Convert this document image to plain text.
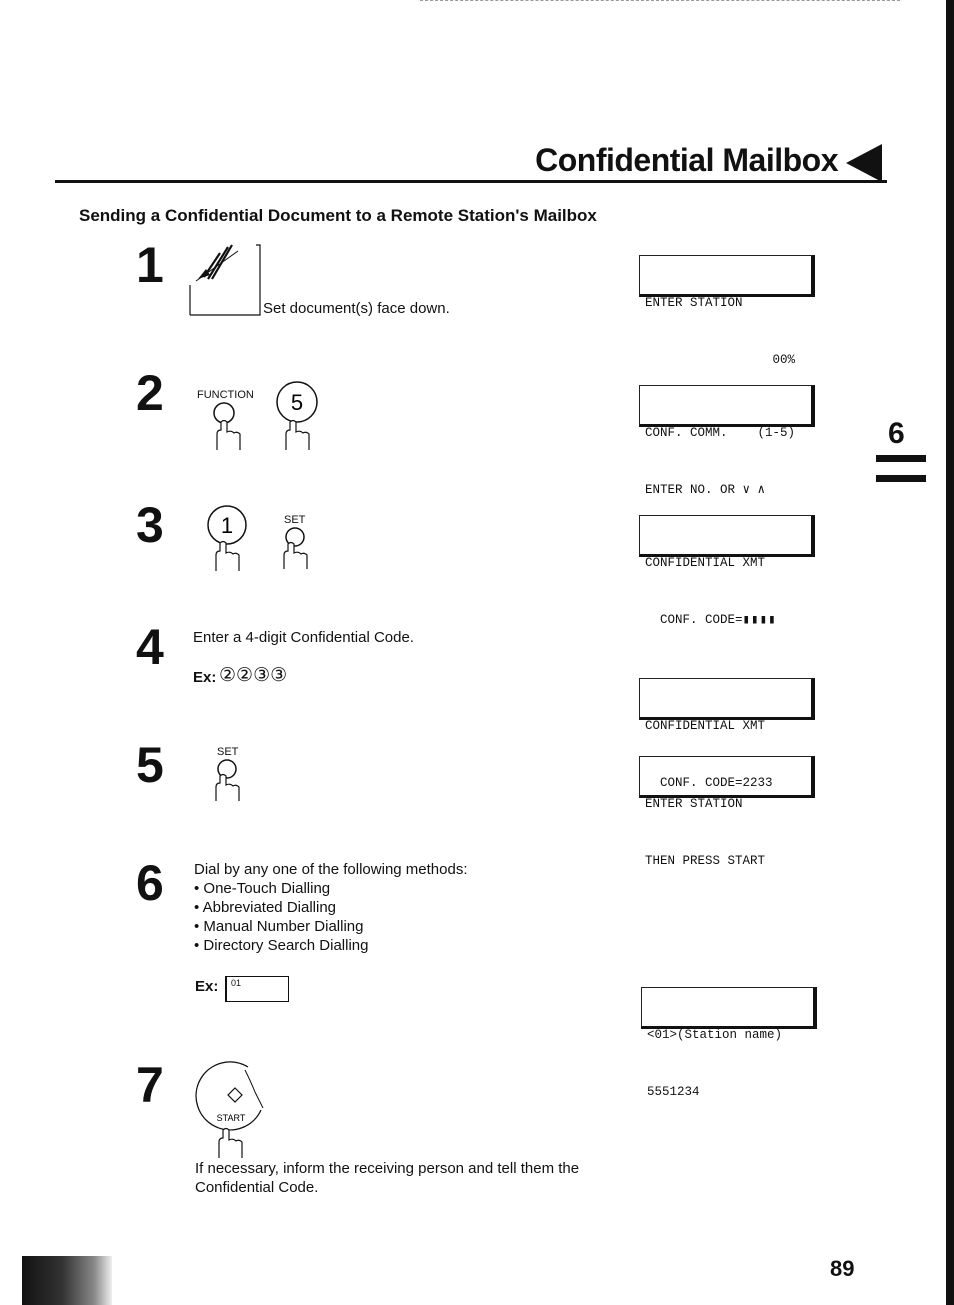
Confidential Mailbox
Sending a Confidential Document to a Remote Station's Mailbox
6
1
Set document(s) face down.

	ENTER STATION

00%

2	FUNCTION 5

CONF. COMM.    (1-5)

ENTER NO. OR ∨ ∧

3	1	SET

CONFIDENTIAL XMT

CONF. CODE=▮▮▮▮

4 Enter a 4-digit Confidential Code.
Ex: ②②③③

CONFIDENTIAL XMT

CONF. CODE=2233

5	SET

ENTER STATION

THEN PRESS START

6 Dial by any one of the following methods:
• One-Touch Dialling
• Abbreviated Dialling
• Manual Number Dialling
• Directory Search Dialling
Ex:	01

<01>(Station name)

5551234

7
START
If necessary, inform the receiving person and tell them the
Confidential Code.
89
